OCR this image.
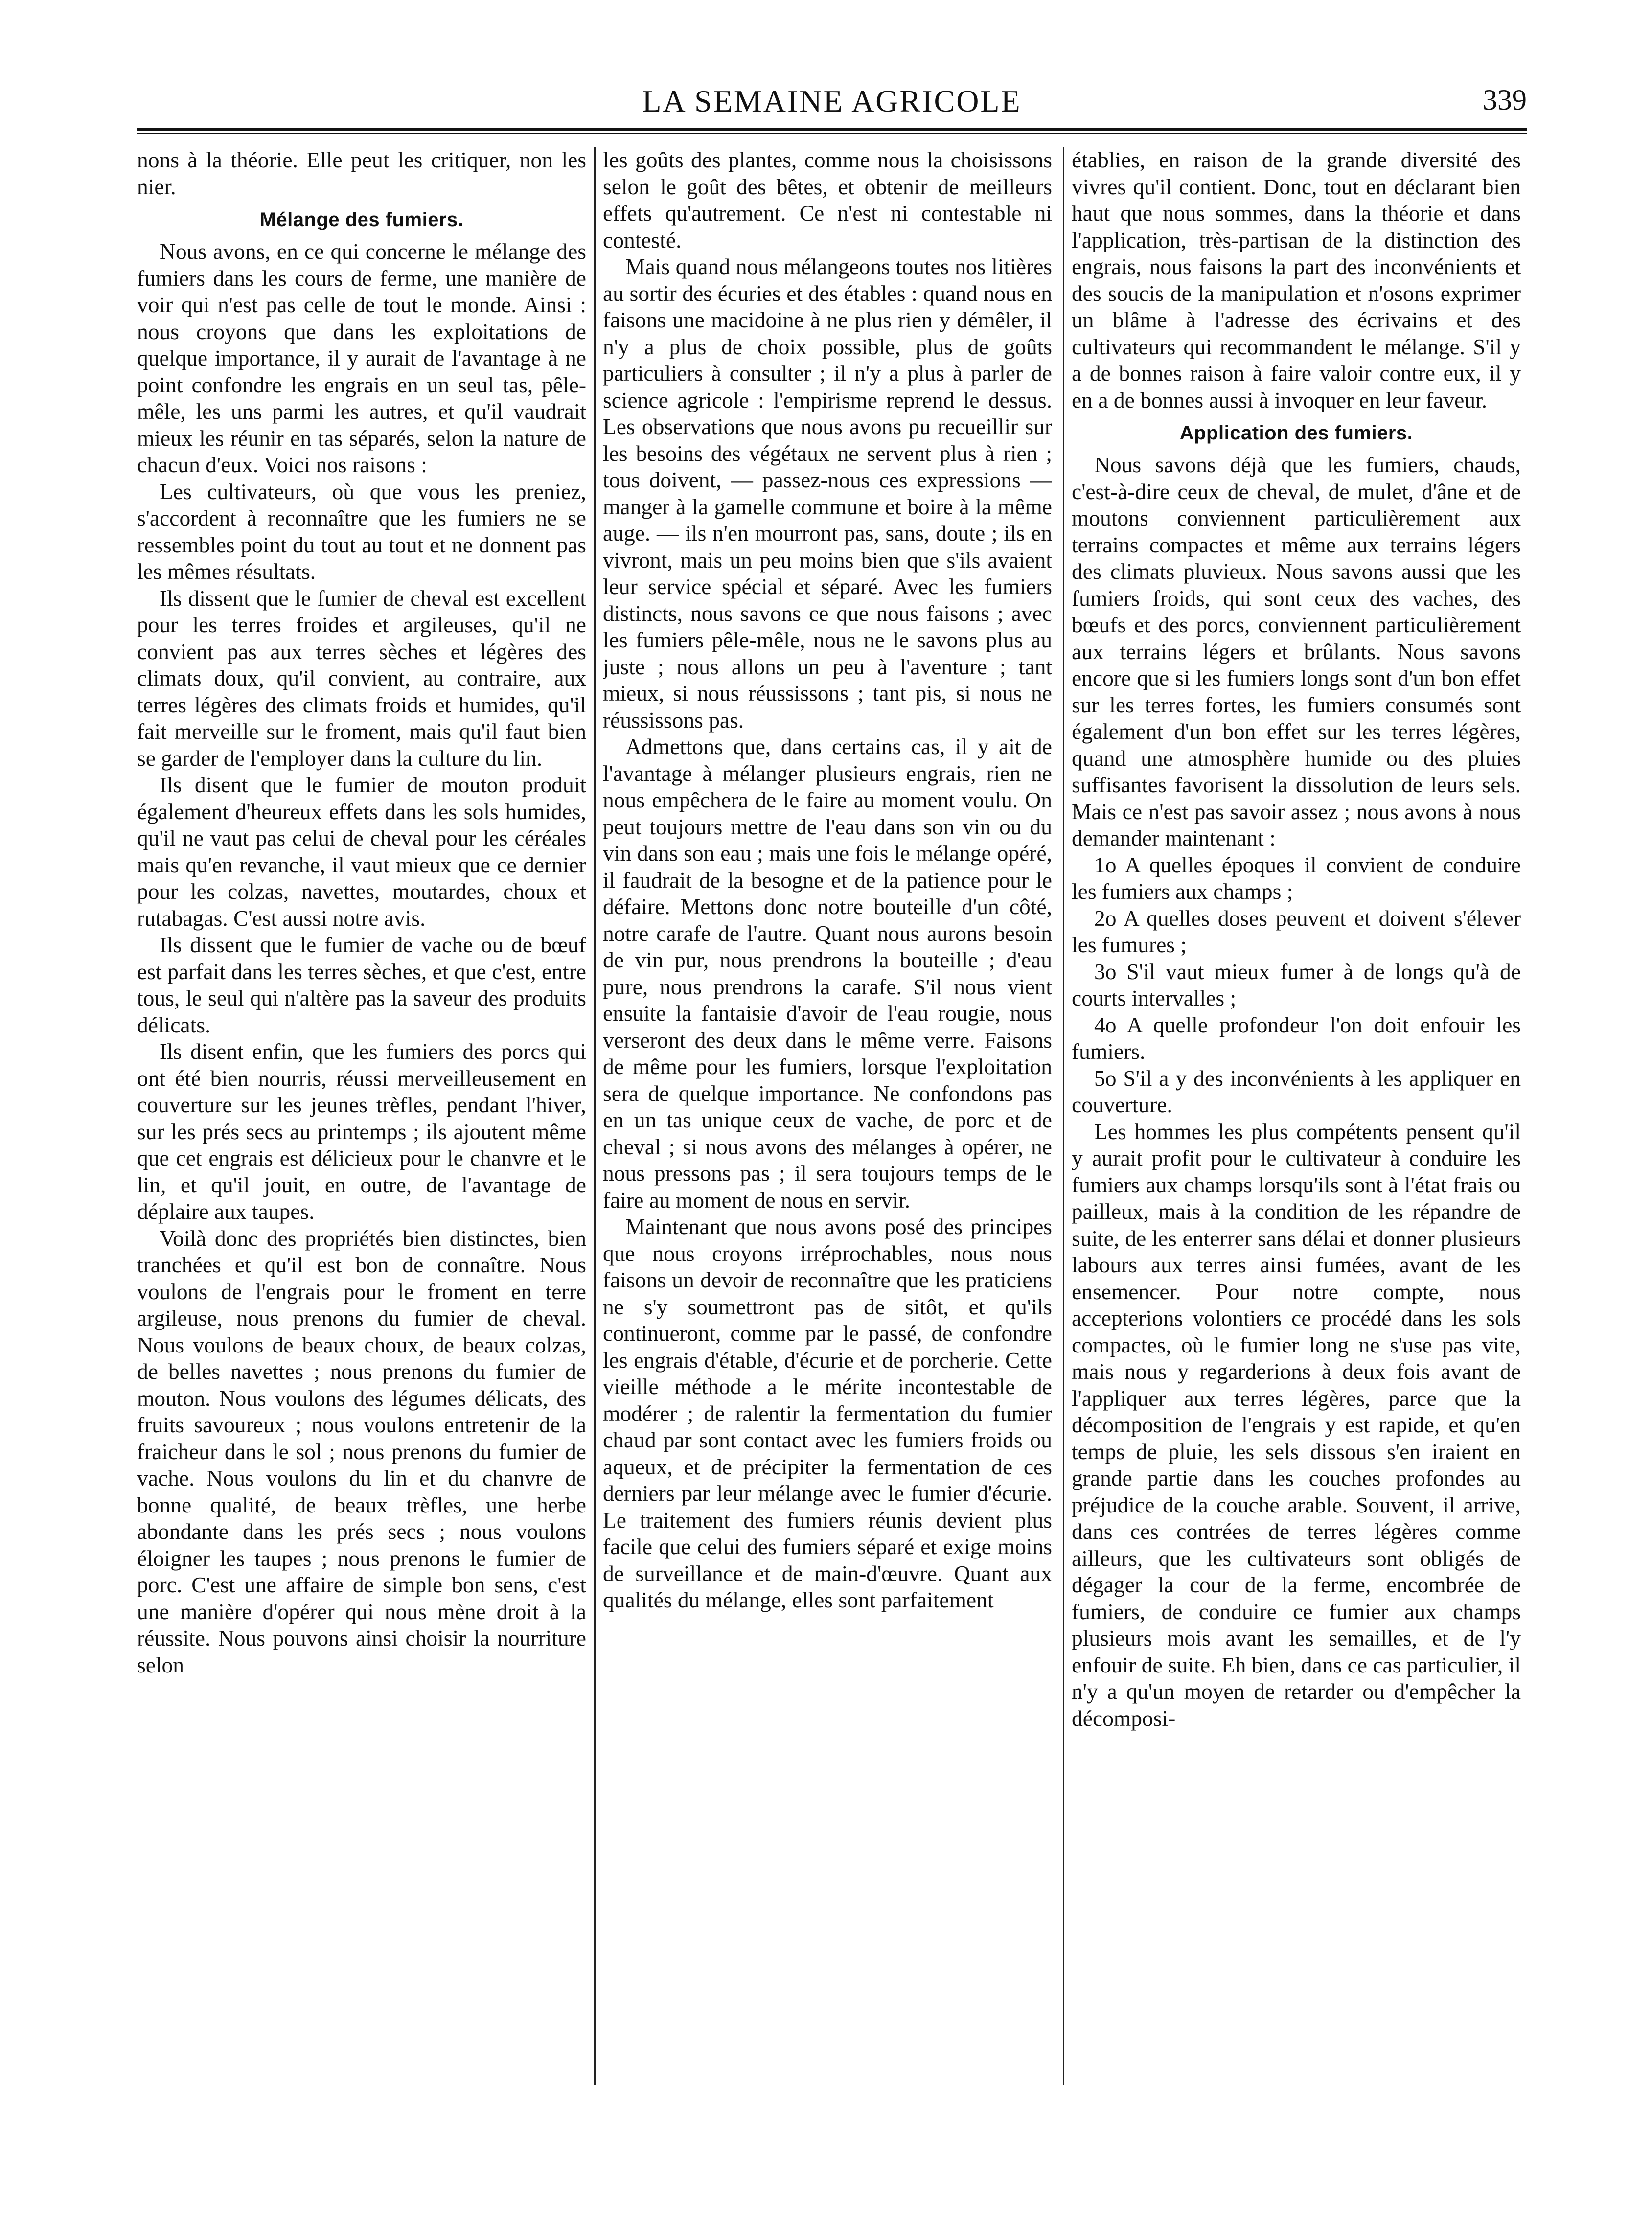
LA SEMAINE AGRICOLE	339

nons à la théorie. Elle peut les critiquer, non les nier.

Mélange des fumiers.

Nous avons, en ce qui concerne le mélange des fumiers dans les cours de ferme, une manière de voir qui n'est pas celle de tout le monde. Ainsi : nous croyons que dans les exploitations de quelque importance, il y aurait de l'avantage à ne point confondre les engrais en un seul tas, pêle-mêle, les uns parmi les autres, et qu'il vaudrait mieux les réunir en tas séparés, selon la nature de chacun d'eux. Voici nos raisons :

Les cultivateurs, où que vous les preniez, s'accordent à reconnaître que les fumiers ne se ressembles point du tout au tout et ne donnent pas les mêmes résultats.

Ils dissent que le fumier de cheval est excellent pour les terres froides et argileuses, qu'il ne convient pas aux terres sèches et légères des climats doux, qu'il convient, au contraire, aux terres légères des climats froids et humides, qu'il fait merveille sur le froment, mais qu'il faut bien se garder de l'employer dans la culture du lin.

Ils disent que le fumier de mouton produit également d'heureux effets dans les sols humides, qu'il ne vaut pas celui de cheval pour les céréales mais qu'en revanche, il vaut mieux que ce dernier pour les colzas, navettes, moutardes, choux et rutabagas. C'est aussi notre avis.

Ils dissent que le fumier de vache ou de bœuf est parfait dans les terres sèches, et que c'est, entre tous, le seul qui n'altère pas la saveur des produits délicats.

Ils disent enfin, que les fumiers des porcs qui ont été bien nourris, réussi merveilleusement en couverture sur les jeunes trèfles, pendant l'hiver, sur les prés secs au printemps ; ils ajoutent même que cet engrais est délicieux pour le chanvre et le lin, et qu'il jouit, en outre, de l'avantage de déplaire aux taupes.

Voilà donc des propriétés bien distinctes, bien tranchées et qu'il est bon de connaître. Nous voulons de l'engrais pour le froment en terre argileuse, nous prenons du fumier de cheval. Nous voulons de beaux choux, de beaux colzas, de belles navettes ; nous prenons du fumier de mouton. Nous voulons des légumes délicats, des fruits savoureux ; nous voulons entretenir de la fraicheur dans le sol ; nous prenons du fumier de vache. Nous voulons du lin et du chanvre de bonne qualité, de beaux trèfles, une herbe abondante dans les prés secs ; nous voulons éloigner les taupes ; nous prenons le fumier de porc. C'est une affaire de simple bon sens, c'est une manière d'opérer qui nous mène droit à la réussite. Nous pouvons ainsi choisir la nourriture selon

les goûts des plantes, comme nous la choisissons selon le goût des bêtes, et obtenir de meilleurs effets qu'autrement. Ce n'est ni contestable ni contesté.

Mais quand nous mélangeons toutes nos litières au sortir des écuries et des étables : quand nous en faisons une macidoine à ne plus rien y démêler, il n'y a plus de choix possible, plus de goûts particuliers à consulter ; il n'y a plus à parler de science agricole : l'empirisme reprend le dessus. Les observations que nous avons pu recueillir sur les besoins des végétaux ne servent plus à rien ; tous doivent, — passez-nous ces expressions — manger à la gamelle commune et boire à la même auge. — ils n'en mourront pas, sans, doute ; ils en vivront, mais un peu moins bien que s'ils avaient leur service spécial et séparé. Avec les fumiers distincts, nous savons ce que nous faisons ; avec les fumiers pêle-mêle, nous ne le savons plus au juste ; nous allons un peu à l'aventure ; tant mieux, si nous réussissons ; tant pis, si nous ne réussissons pas.

Admettons que, dans certains cas, il y ait de l'avantage à mélanger plusieurs engrais, rien ne nous empêchera de le faire au moment voulu. On peut toujours mettre de l'eau dans son vin ou du vin dans son eau ; mais une fois le mélange opéré, il faudrait de la besogne et de la patience pour le défaire. Mettons donc notre bouteille d'un côté, notre carafe de l'autre. Quant nous aurons besoin de vin pur, nous prendrons la bouteille ; d'eau pure, nous prendrons la carafe. S'il nous vient ensuite la fantaisie d'avoir de l'eau rougie, nous verseront des deux dans le même verre. Faisons de même pour les fumiers, lorsque l'exploitation sera de quelque importance. Ne confondons pas en un tas unique ceux de vache, de porc et de cheval ; si nous avons des mélanges à opérer, ne nous pressons pas ; il sera toujours temps de le faire au moment de nous en servir.

Maintenant que nous avons posé des principes que nous croyons irréprochables, nous nous faisons un devoir de reconnaître que les praticiens ne s'y soumettront pas de sitôt, et qu'ils continueront, comme par le passé, de confondre les engrais d'étable, d'écurie et de porcherie. Cette vieille méthode a le mérite incontestable de modérer ; de ralentir la fermentation du fumier chaud par sont contact avec les fumiers froids ou aqueux, et de précipiter la fermentation de ces derniers par leur mélange avec le fumier d'écurie. Le traitement des fumiers réunis devient plus facile que celui des fumiers séparé et exige moins de surveillance et de main-d'œuvre. Quant aux qualités du mélange, elles sont parfaitement

établies, en raison de la grande diversité des vivres qu'il contient. Donc, tout en déclarant bien haut que nous sommes, dans la théorie et dans l'application, très-partisan de la distinction des engrais, nous faisons la part des inconvénients et des soucis de la manipulation et n'osons exprimer un blâme à l'adresse des écrivains et des cultivateurs qui recommandent le mélange. S'il y a de bonnes raison à faire valoir contre eux, il y en a de bonnes aussi à invoquer en leur faveur.

Application des fumiers.

Nous savons déjà que les fumiers, chauds, c'est-à-dire ceux de cheval, de mulet, d'âne et de moutons conviennent particulièrement aux terrains compactes et même aux terrains légers des climats pluvieux. Nous savons aussi que les fumiers froids, qui sont ceux des vaches, des bœufs et des porcs, conviennent particulièrement aux terrains légers et brûlants. Nous savons encore que si les fumiers longs sont d'un bon effet sur les terres fortes, les fumiers consumés sont également d'un bon effet sur les terres légères, quand une atmosphère humide ou des pluies suffisantes favorisent la dissolution de leurs sels. Mais ce n'est pas savoir assez ; nous avons à nous demander maintenant :

1o A quelles époques il convient de conduire les fumiers aux champs ;

2o A quelles doses peuvent et doivent s'élever les fumures ;

3o S'il vaut mieux fumer à de longs qu'à de courts intervalles ;

4o A quelle profondeur l'on doit enfouir les fumiers.

5o S'il a y des inconvénients à les appliquer en couverture.

Les hommes les plus compétents pensent qu'il y aurait profit pour le cultivateur à conduire les fumiers aux champs lorsqu'ils sont à l'état frais ou pailleux, mais à la condition de les répandre de suite, de les enterrer sans délai et donner plusieurs labours aux terres ainsi fumées, avant de les ensemencer. Pour notre compte, nous accepterions volontiers ce procédé dans les sols compactes, où le fumier long ne s'use pas vite, mais nous y regarderions à deux fois avant de l'appliquer aux terres légères, parce que la décomposition de l'engrais y est rapide, et qu'en temps de pluie, les sels dissous s'en iraient en grande partie dans les couches profondes au préjudice de la couche arable. Souvent, il arrive, dans ces contrées de terres légères comme ailleurs, que les cultivateurs sont obligés de dégager la cour de la ferme, encombrée de fumiers, de conduire ce fumier aux champs plusieurs mois avant les semailles, et de l'y enfouir de suite. Eh bien, dans ce cas particulier, il n'y a qu'un moyen de retarder ou d'empêcher la décomposi-
